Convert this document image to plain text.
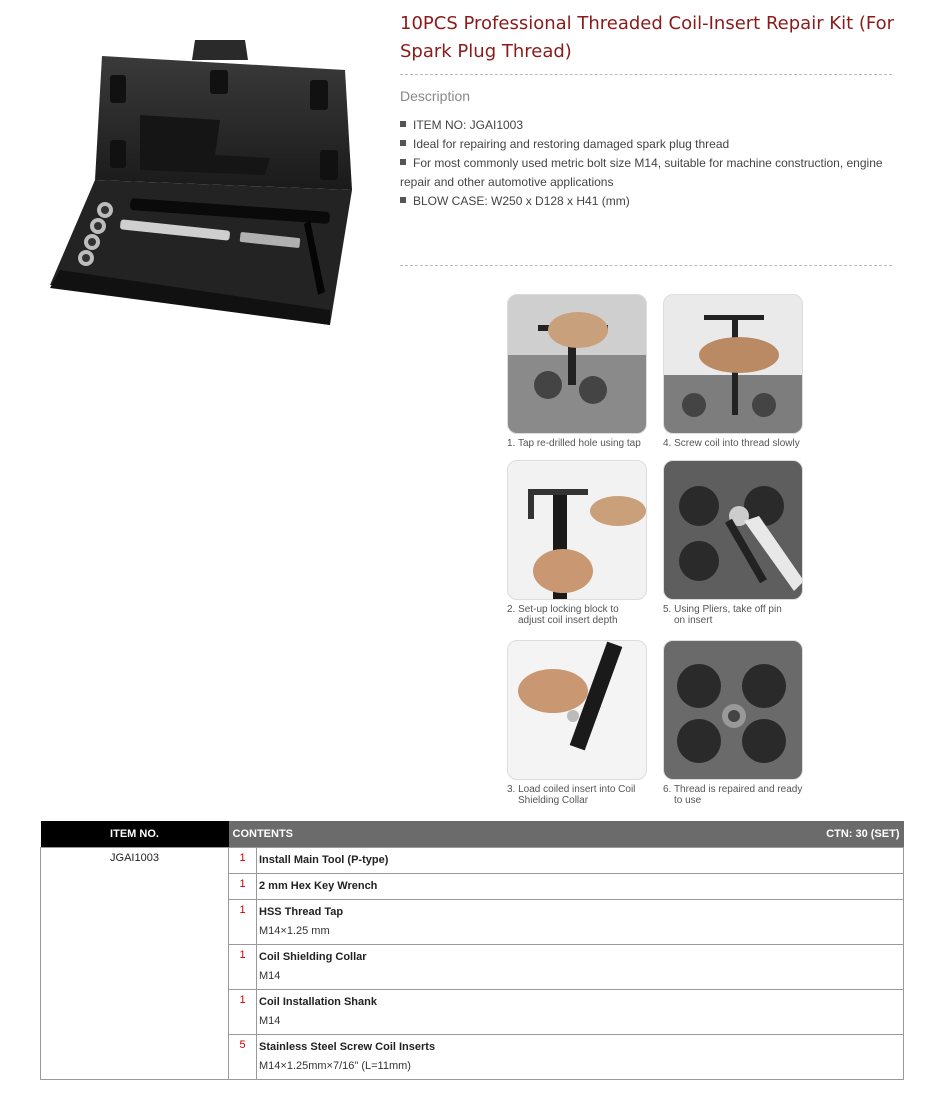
10PCS Professional Threaded Coil-Insert Repair Kit (For Spark Plug Thread)
Description
ITEM NO: JGAI1003
Ideal for repairing and restoring damaged spark plug thread
For most commonly used metric bolt size M14, suitable for machine construction, engine repair and other automotive applications
BLOW CASE: W250 x D128 x H41 (mm)
1. Tap re-drilled hole using tap	4. Screw coil into thread slowly
2. Set-up locking block to
adjust coil insert depth
5. Using Pliers, take off pin
on insert
3. Load coiled insert into Coil
Shielding Collar
6. Thread is repaired and ready
to use
ITEM NO.	CONTENTS CTN: 30 (SET)	

JGAI1003	1	Install Main Tool (P-type)

	1	2 mm Hex Key Wrench

	1	HSS Thread Tap
M14×1.25 mm

	1	Coil Shielding Collar
M14

	1	Coil Installation Shank
M14

	5	Stainless Steel Screw Coil Inserts
M14×1.25mm×7/16" (L=11mm)
